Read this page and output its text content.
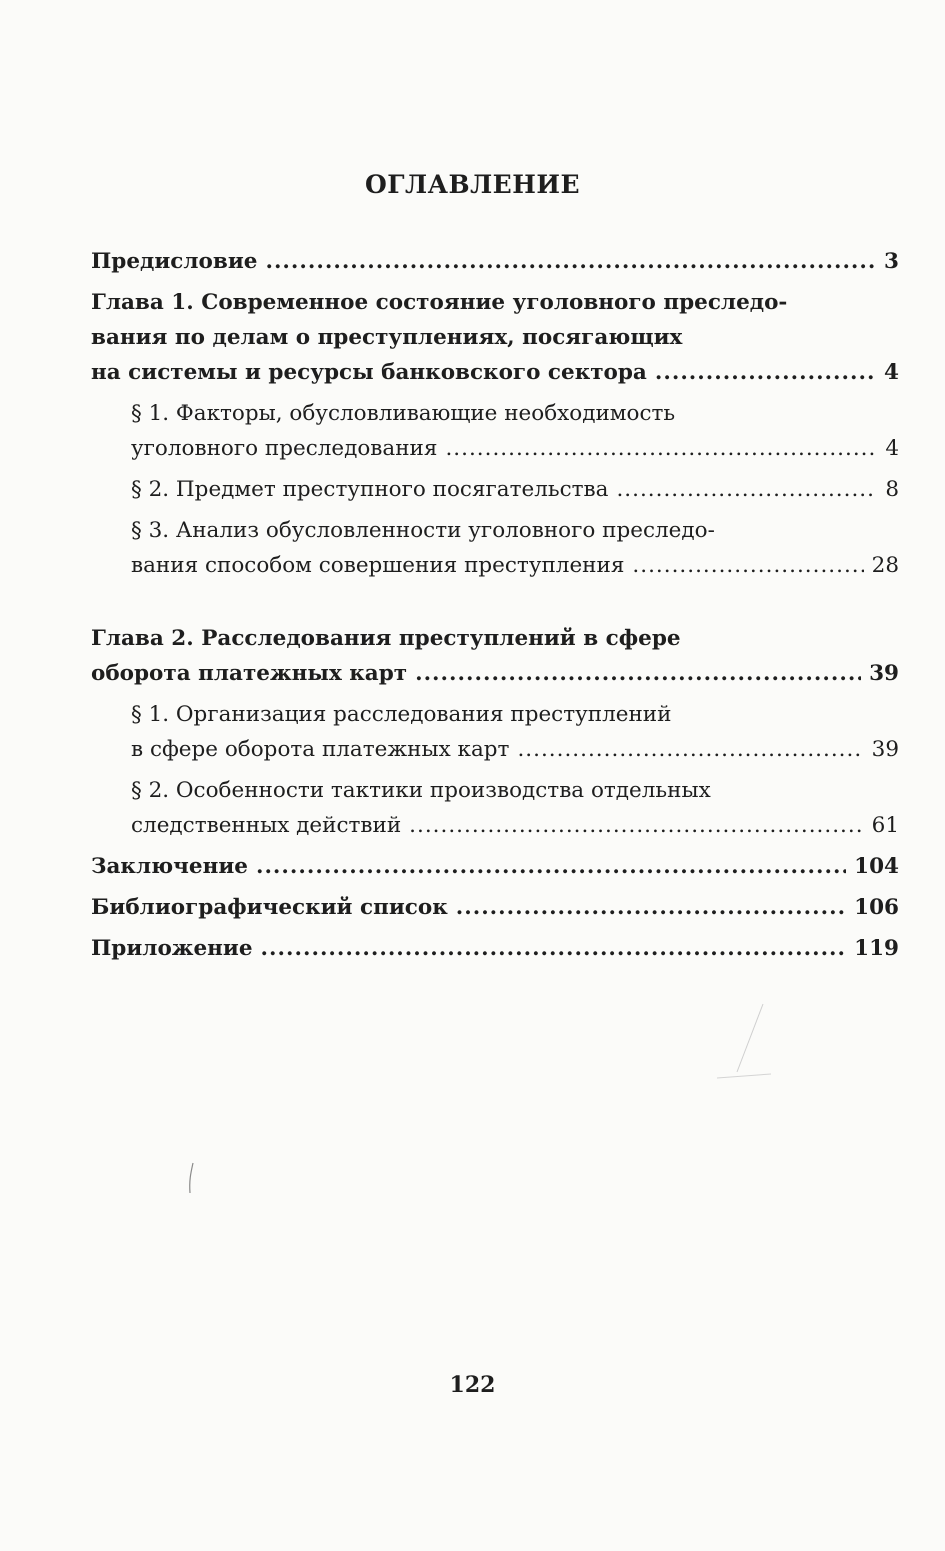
ОГЛАВЛЕНИЕ
Предисловие .....	3
Глава 1. Современное состояние уголовного преследо-
вания по делам о преступлениях, посягающих
на системы и ресурсы банковского сектора .....	4
§ 1. Факторы, обусловливающие необходимость
уголовного преследования .....	4
§ 2. Предмет преступного посягательства .....	8
§ 3. Анализ обусловленности уголовного преследо-
вания способом совершения преступления .....	28
Глава 2. Расследования преступлений в сфере
оборота платежных карт .....	39
§ 1. Организация расследования преступлений
в сфере оборота платежных карт .....	39
§ 2. Особенности тактики производства отдельных
следственных действий .....	61
Заключение .....	104
Библиографический список .....	106
Приложение .....	119
122
